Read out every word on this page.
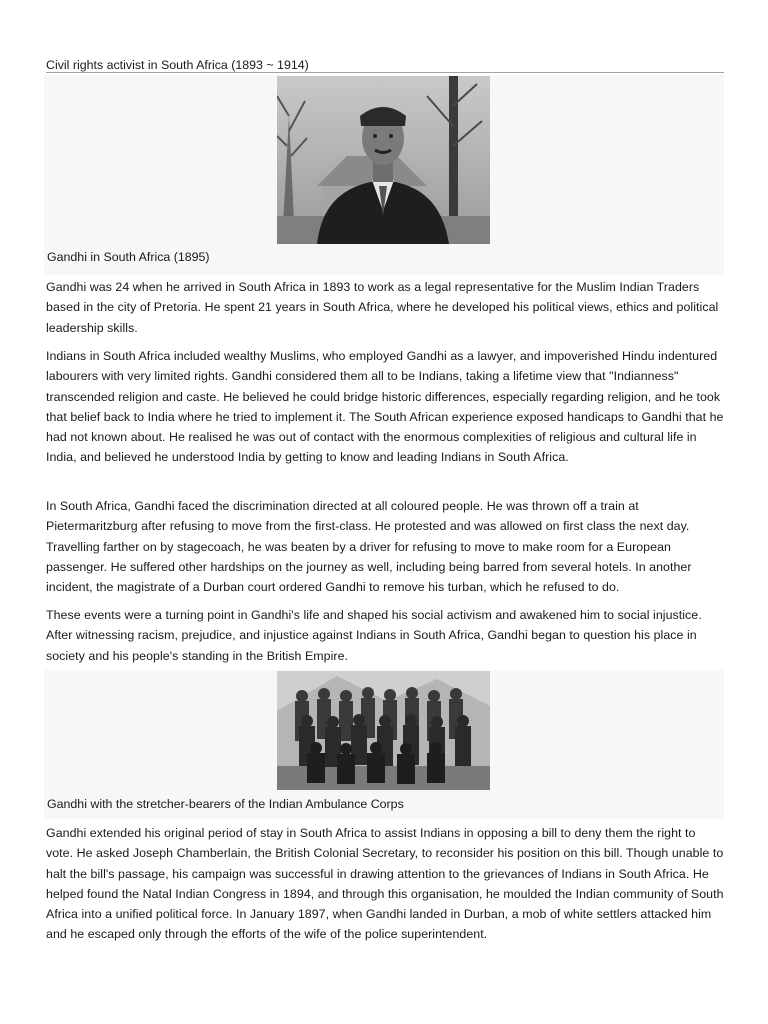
Civil rights activist in South Africa (1893 ~ 1914)
Gandhi in South Africa (1895)

Gandhi was 24 when he arrived in South Africa in 1893 to work as a legal representative for the Muslim Indian Traders based in the city of Pretoria. He spent 21 years in South Africa, where he developed his political views, ethics and political leadership skills.

Indians in South Africa included wealthy Muslims, who employed Gandhi as a lawyer, and impoverished Hindu indentured labourers with very limited rights. Gandhi considered them all to be Indians, taking a lifetime view that "Indianness" transcended religion and caste. He believed he could bridge historic differences, especially regarding religion, and he took that belief back to India where he tried to implement it. The South African experience exposed handicaps to Gandhi that he had not known about. He realised he was out of contact with the enormous complexities of religious and cultural life in India, and believed he understood India by getting to know and leading Indians in South Africa.

In South Africa, Gandhi faced the discrimination directed at all coloured people. He was thrown off a train at Pietermaritzburg after refusing to move from the first-class. He protested and was allowed on first class the next day. Travelling farther on by stagecoach, he was beaten by a driver for refusing to move to make room for a European passenger. He suffered other hardships on the journey as well, including being barred from several hotels. In another incident, the magistrate of a Durban court ordered Gandhi to remove his turban, which he refused to do.

These events were a turning point in Gandhi's life and shaped his social activism and awakened him to social injustice. After witnessing racism, prejudice, and injustice against Indians in South Africa, Gandhi began to question his place in society and his people's standing in the British Empire.

Gandhi with the stretcher-bearers of the Indian Ambulance Corps

Gandhi extended his original period of stay in South Africa to assist Indians in opposing a bill to deny them the right to vote. He asked Joseph Chamberlain, the British Colonial Secretary, to reconsider his position on this bill. Though unable to halt the bill's passage, his campaign was successful in drawing attention to the grievances of Indians in South Africa. He helped found the Natal Indian Congress in 1894, and through this organisation, he moulded the Indian community of South Africa into a unified political force. In January 1897, when Gandhi landed in Durban, a mob of white settlers attacked him and he escaped only through the efforts of the wife of the police superintendent.
